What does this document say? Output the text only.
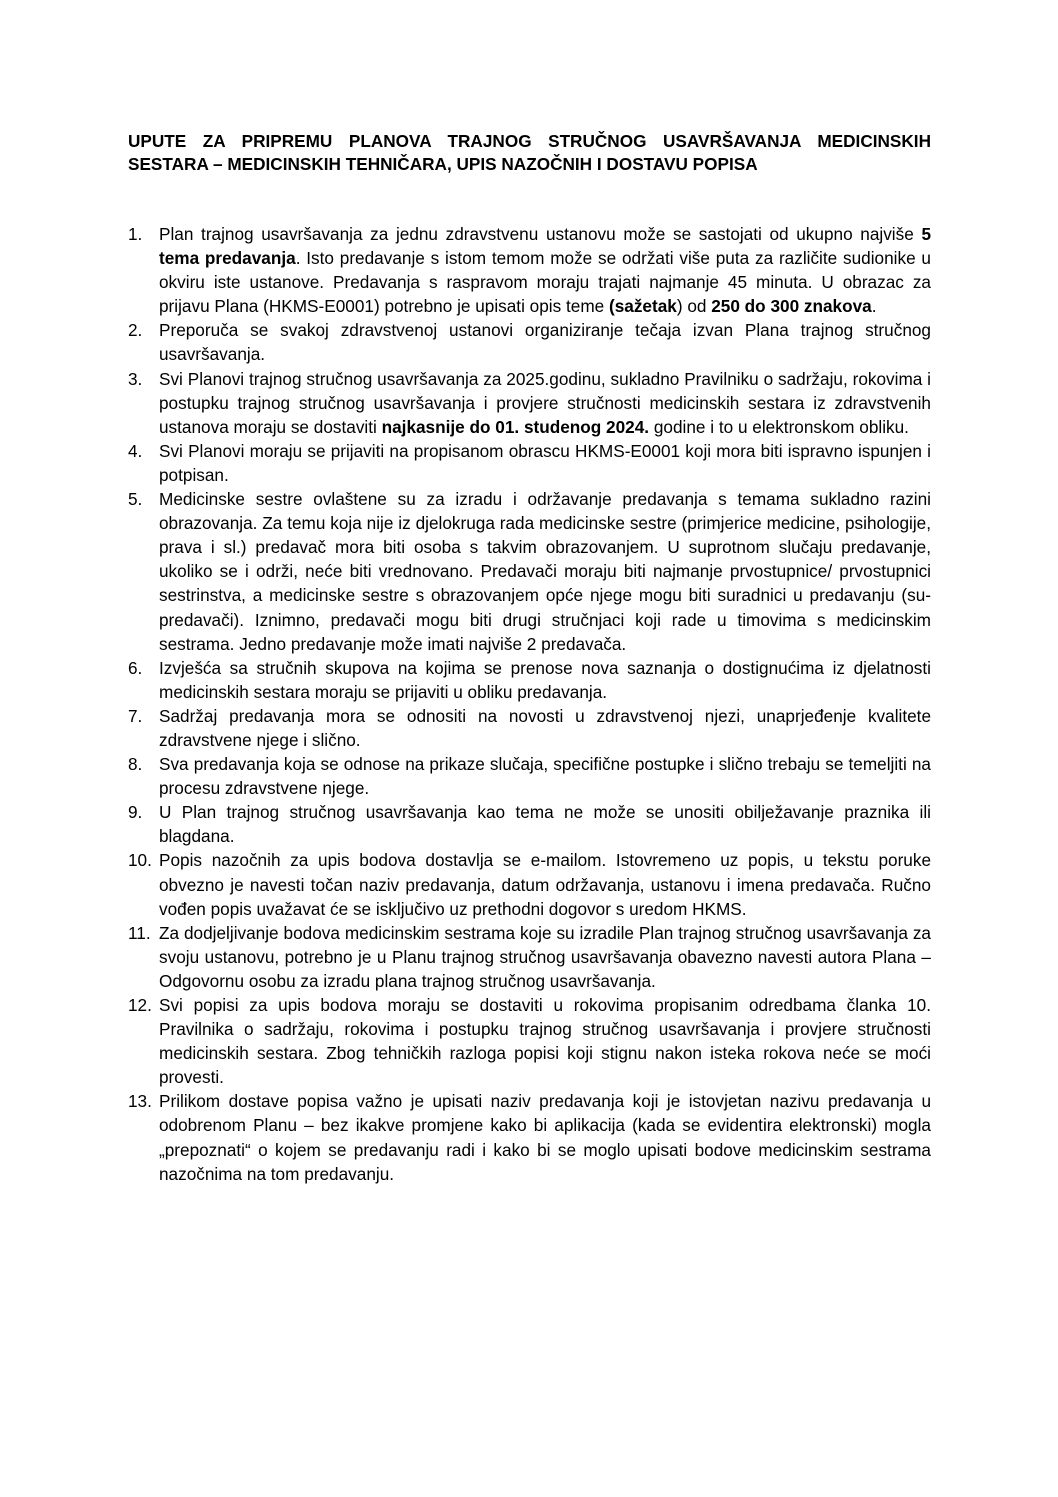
UPUTE ZA PRIPREMU PLANOVA TRAJNOG STRUČNOG USAVRŠAVANJA MEDICINSKIH SESTARA – MEDICINSKIH TEHNIČARA, UPIS NAZOČNIH I DOSTAVU POPISA
1. Plan trajnog usavršavanja za jednu zdravstvenu ustanovu može se sastojati od ukupno najviše 5 tema predavanja. Isto predavanje s istom temom može se održati više puta za različite sudionike u okviru iste ustanove. Predavanja s raspravom moraju trajati najmanje 45 minuta. U obrazac za prijavu Plana (HKMS-E0001) potrebno je upisati opis teme (sažetak) od 250 do 300 znakova.
2. Preporuča se svakoj zdravstvenoj ustanovi organiziranje tečaja izvan Plana trajnog stručnog usavršavanja.
3. Svi Planovi trajnog stručnog usavršavanja za 2025.godinu, sukladno Pravilniku o sadržaju, rokovima i postupku trajnog stručnog usavršavanja i provjere stručnosti medicinskih sestara iz zdravstvenih ustanova moraju se dostaviti najkasnije do 01. studenog 2024. godine i to u elektronskom obliku.
4. Svi Planovi moraju se prijaviti na propisanom obrascu HKMS-E0001 koji mora biti ispravno ispunjen i potpisan.
5. Medicinske sestre ovlaštene su za izradu i održavanje predavanja s temama sukladno razini obrazovanja. Za temu koja nije iz djelokruga rada medicinske sestre (primjerice medicine, psihologije, prava i sl.) predavač mora biti osoba s takvim obrazovanjem. U suprotnom slučaju predavanje, ukoliko se i održi, neće biti vrednovano. Predavači moraju biti najmanje prvostupnice/ prvostupnici sestrinstva, a medicinske sestre s obrazovanjem opće njege mogu biti suradnici u predavanju (su-predavači). Iznimno, predavači mogu biti drugi stručnjaci koji rade u timovima s medicinskim sestrama. Jedno predavanje može imati najviše 2 predavača.
6. Izvješća sa stručnih skupova na kojima se prenose nova saznanja o dostignućima iz djelatnosti medicinskih sestara moraju se prijaviti u obliku predavanja.
7. Sadržaj predavanja mora se odnositi na novosti u zdravstvenoj njezi, unaprjeđenje kvalitete zdravstvene njege i slično.
8. Sva predavanja koja se odnose na prikaze slučaja, specifične postupke i slično trebaju se temeljiti na procesu zdravstvene njege.
9. U Plan trajnog stručnog usavršavanja kao tema ne može se unositi obilježavanje praznika ili blagdana.
10. Popis nazočnih za upis bodova dostavlja se e-mailom. Istovremeno uz popis, u tekstu poruke obvezno je navesti točan naziv predavanja, datum održavanja, ustanovu i imena predavača. Ručno vođen popis uvažavat će se isključivo uz prethodni dogovor s uredom HKMS.
11. Za dodjeljivanje bodova medicinskim sestrama koje su izradile Plan trajnog stručnog usavršavanja za svoju ustanovu, potrebno je u Planu trajnog stručnog usavršavanja obavezno navesti autora Plana – Odgovornu osobu za izradu plana trajnog stručnog usavršavanja.
12. Svi popisi za upis bodova moraju se dostaviti u rokovima propisanim odredbama članka 10. Pravilnika o sadržaju, rokovima i postupku trajnog stručnog usavršavanja i provjere stručnosti medicinskih sestara. Zbog tehničkih razloga popisi koji stignu nakon isteka rokova neće se moći provesti.
13. Prilikom dostave popisa važno je upisati naziv predavanja koji je istovjetan nazivu predavanja u odobrenom Planu – bez ikakve promjene kako bi aplikacija (kada se evidentira elektronski) mogla „prepoznati“ o kojem se predavanju radi i kako bi se moglo upisati bodove medicinskim sestrama nazočnima na tom predavanju.
